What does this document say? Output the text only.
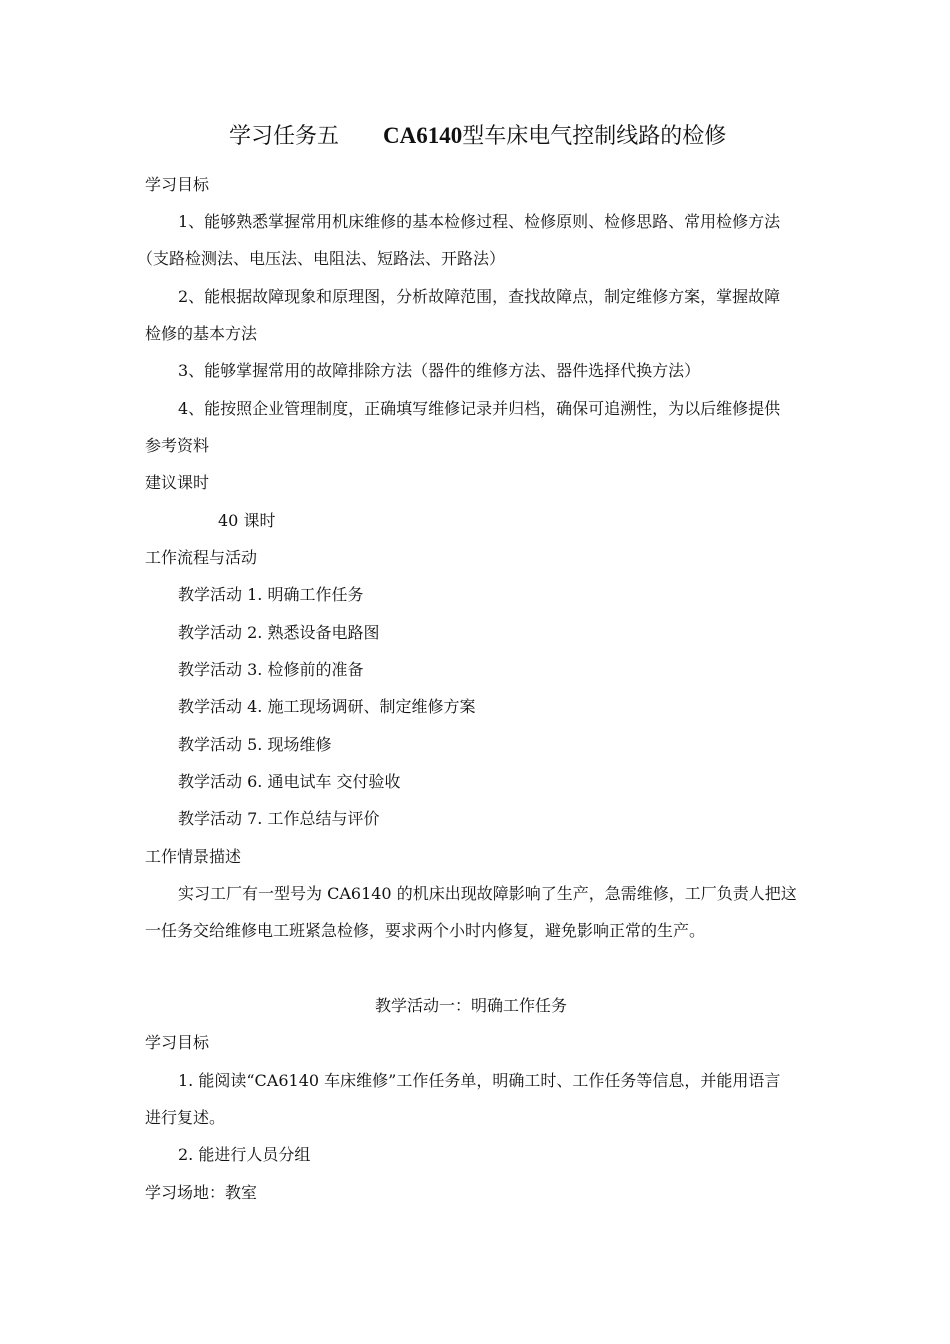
学习任务五 CA6140型车床电气控制线路的检修
学习目标
1、能够熟悉掌握常用机床维修的基本检修过程、检修原则、检修思路、常用检修方法
（支路检测法、电压法、电阻法、短路法、开路法）
2、能根据故障现象和原理图，分析故障范围，查找故障点，制定维修方案，掌握故障
检修的基本方法
3、能够掌握常用的故障排除方法（器件的维修方法、器件选择代换方法）
4、能按照企业管理制度，正确填写维修记录并归档，确保可追溯性，为以后维修提供
参考资料
建议课时
40 课时
工作流程与活动
教学活动 1. 明确工作任务
教学活动 2. 熟悉设备电路图
教学活动 3. 检修前的准备
教学活动 4. 施工现场调研、制定维修方案
教学活动 5. 现场维修
教学活动 6. 通电试车 交付验收
教学活动 7. 工作总结与评价
工作情景描述
实习工厂有一型号为 CA6140 的机床出现故障影响了生产，急需维修，工厂负责人把这
一任务交给维修电工班紧急检修，要求两个小时内修复，避免影响正常的生产。
教学活动一：明确工作任务
学习目标
1. 能阅读“CA6140 车床维修”工作任务单，明确工时、工作任务等信息，并能用语言
进行复述。
2. 能进行人员分组
学习场地：教室
